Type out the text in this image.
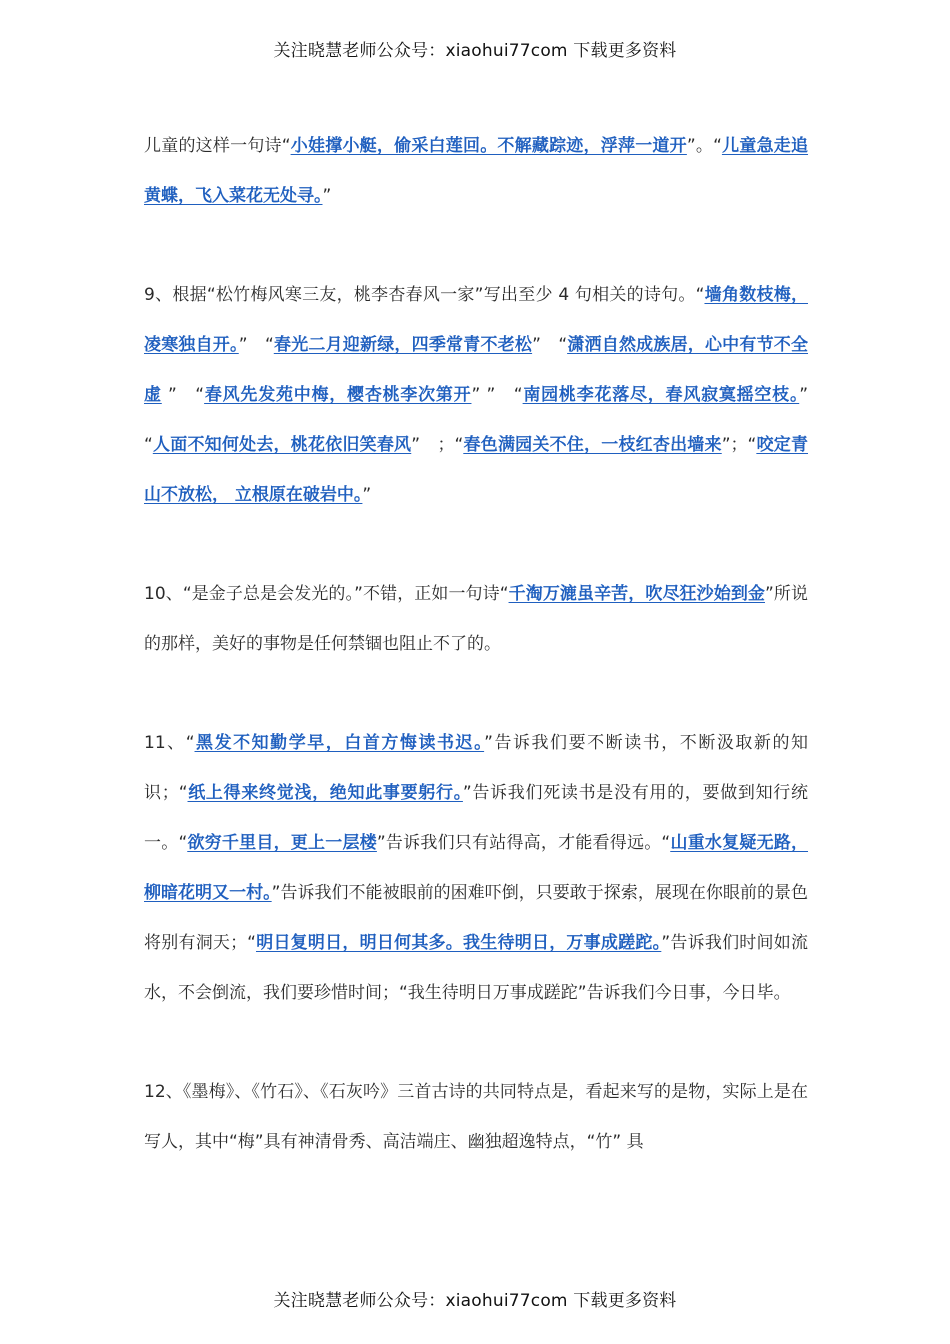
关注晓慧老师公众号：xiaohui77com 下载更多资料

儿童的这样一句诗“小娃撑小艇，偷采白莲回。不解藏踪迹，浮萍一道开”。“儿童急走追黄蝶，飞入菜花无处寻。”

9、根据“松竹梅风寒三友，桃李杏春风一家”写出至少 4 句相关的诗句。“墙角数枝梅，凌寒独自开。”　“春光二月迎新绿，四季常青不老松”　“潇洒自然成族居，心中有节不全虚 ”　“春风先发苑中梅，樱杏桃李次第开” ”　“南园桃李花落尽，春风寂寞摇空枝。” “人面不知何处去，桃花依旧笑春风”　；“春色满园关不住，一枝红杏出墙来”；“咬定青山不放松， 立根原在破岩中。”

10、“是金子总是会发光的。”不错，正如一句诗“千淘万漉虽辛苦，吹尽狂沙始到金”所说的那样，美好的事物是任何禁锢也阻止不了的。

11、“黑发不知勤学早，白首方悔读书迟。”告诉我们要不断读书，不断汲取新的知识；“纸上得来终觉浅，绝知此事要躬行。”告诉我们死读书是没有用的，要做到知行统一。“欲穷千里目，更上一层楼”告诉我们只有站得高，才能看得远。“山重水复疑无路，柳暗花明又一村。”告诉我们不能被眼前的困难吓倒，只要敢于探索，展现在你眼前的景色将别有洞天；“明日复明日，明日何其多。我生待明日，万事成蹉跎。”告诉我们时间如流水，不会倒流，我们要珍惜时间；“我生待明日万事成蹉跎”告诉我们今日事，今日毕。

12、《墨梅》、《竹石》、《石灰吟》三首古诗的共同特点是，看起来写的是物，实际上是在写人，其中“梅”具有神清骨秀、高洁端庄、幽独超逸特点，“竹” 具

关注晓慧老师公众号：xiaohui77com 下载更多资料
